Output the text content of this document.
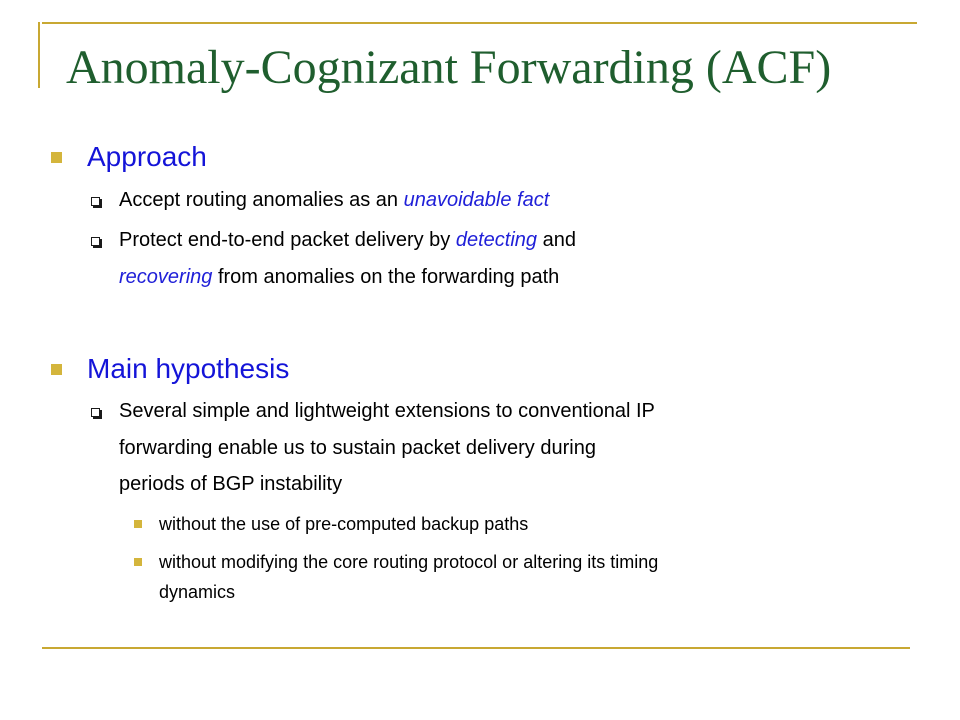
Anomaly-Cognizant Forwarding (ACF)
Approach
Accept routing anomalies as an unavoidable fact
Protect end-to-end packet delivery by detecting and
recovering from anomalies on the forwarding path
Main hypothesis
Several simple and lightweight extensions to conventional IP
forwarding enable us to sustain packet delivery during
periods of BGP instability
without the use of pre-computed backup paths
without modifying the core routing protocol or altering its timing
dynamics
